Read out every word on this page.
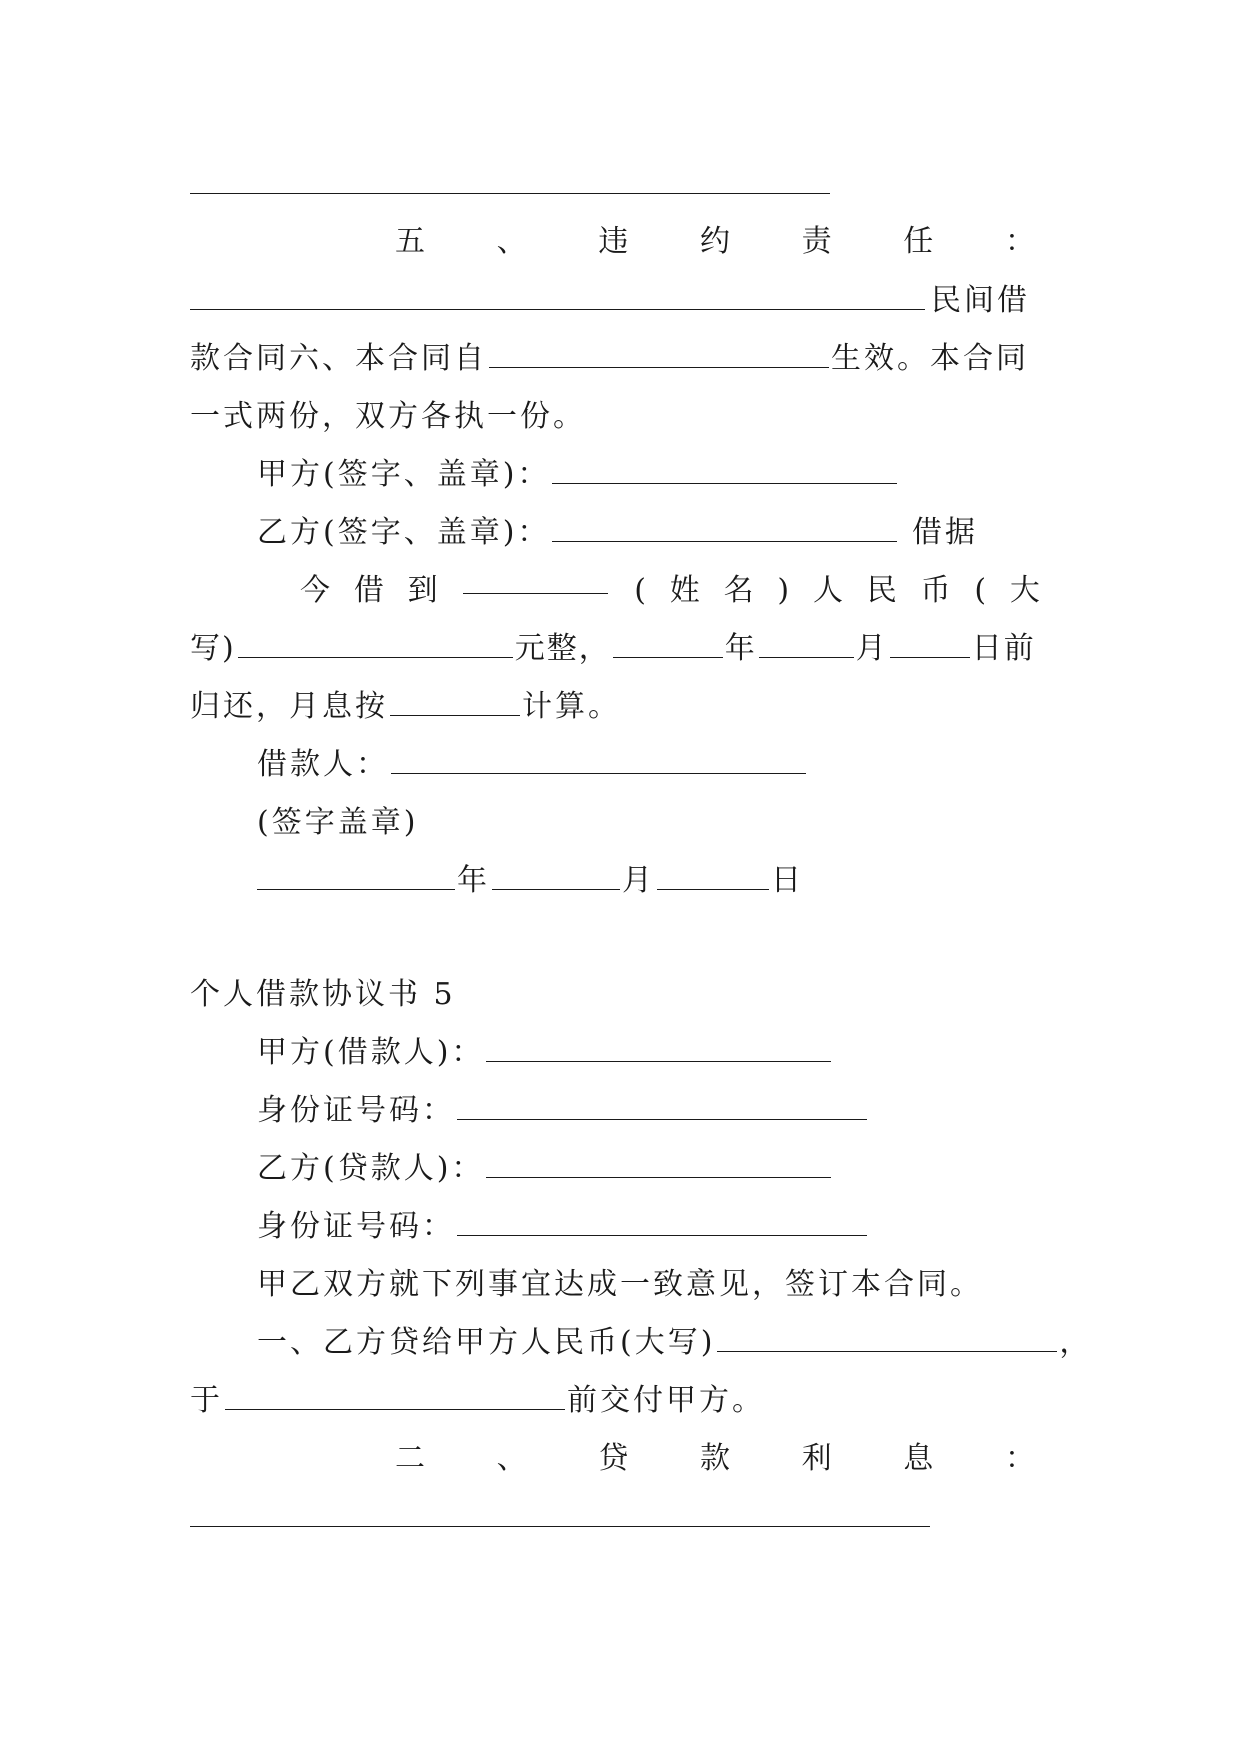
五 、 违 约 责 任 ：
民间借
款合同六、本合同自	生效。本合同
一式两份，双方各执一份。
甲方(签字、盖章)：
乙方(签字、盖章)：	借据
今 借 到	( 姓 名 ) 人 民 币 ( 大
写)	元整，	年	月	日前
归还，月息按	计算。
借款人：
(签字盖章)
年	月	日
个人借款协议书 5
甲方(借款人)：
身份证号码：
乙方(贷款人)：
身份证号码：
甲乙双方就下列事宜达成一致意见，签订本合同。
一、乙方贷给甲方人民币(大写)	，
于	前交付甲方。
二 、 贷 款 利 息 ：
